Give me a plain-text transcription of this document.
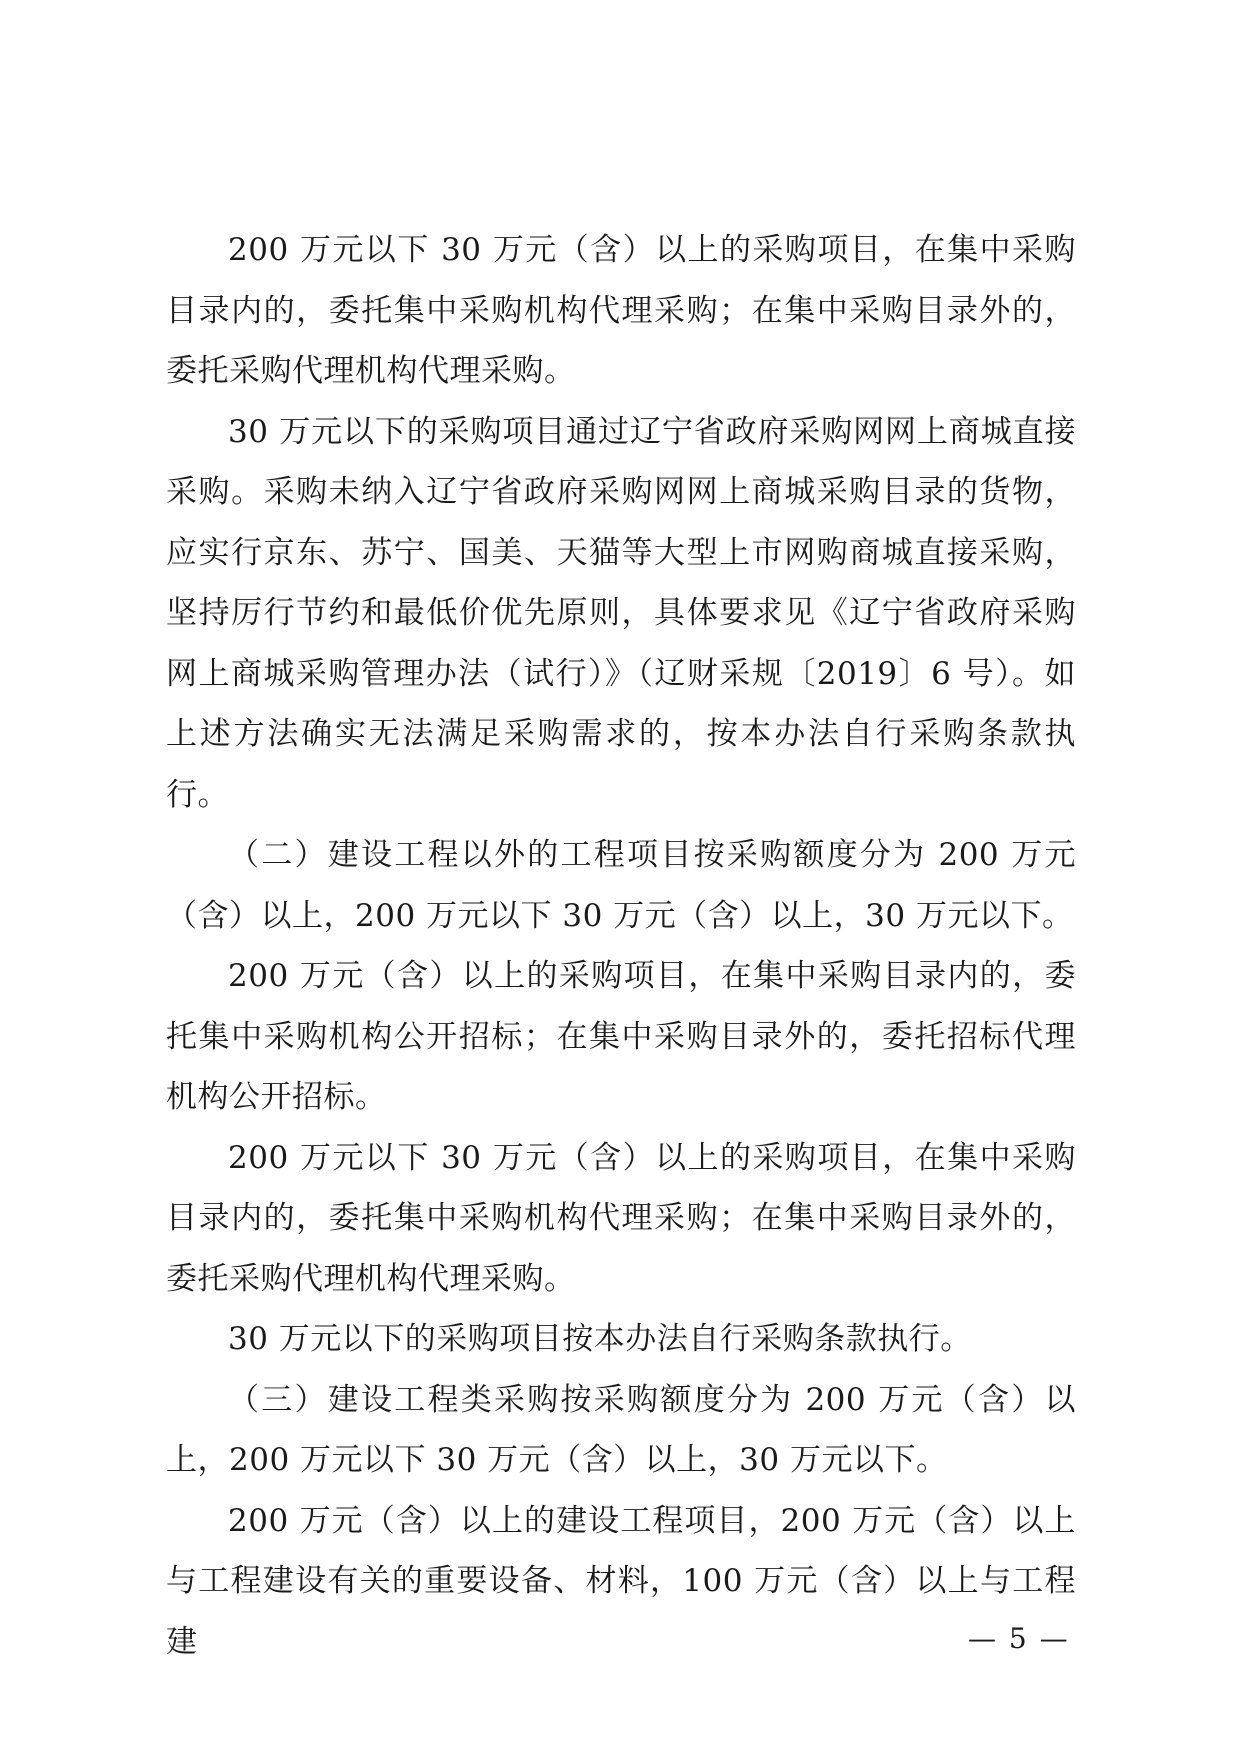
200 万元以下 30 万元（含）以上的采购项目，在集中采购目录内的，委托集中采购机构代理采购；在集中采购目录外的，委托采购代理机构代理采购。

30 万元以下的采购项目通过辽宁省政府采购网网上商城直接采购。采购未纳入辽宁省政府采购网网上商城采购目录的货物，应实行京东、苏宁、国美、天猫等大型上市网购商城直接采购，坚持厉行节约和最低价优先原则，具体要求见《辽宁省政府采购网上商城采购管理办法（试行）》（辽财采规〔2019〕6 号）。如上述方法确实无法满足采购需求的，按本办法自行采购条款执行。

（二）建设工程以外的工程项目按采购额度分为 200 万元（含）以上，200 万元以下 30 万元（含）以上，30 万元以下。

200 万元（含）以上的采购项目，在集中采购目录内的，委托集中采购机构公开招标；在集中采购目录外的，委托招标代理机构公开招标。

200 万元以下 30 万元（含）以上的采购项目，在集中采购目录内的，委托集中采购机构代理采购；在集中采购目录外的，委托采购代理机构代理采购。

30 万元以下的采购项目按本办法自行采购条款执行。

（三）建设工程类采购按采购额度分为 200 万元（含）以上，200 万元以下 30 万元（含）以上，30 万元以下。

200 万元（含）以上的建设工程项目，200 万元（含）以上与工程建设有关的重要设备、材料，100 万元（含）以上与工程建	— 5 —
